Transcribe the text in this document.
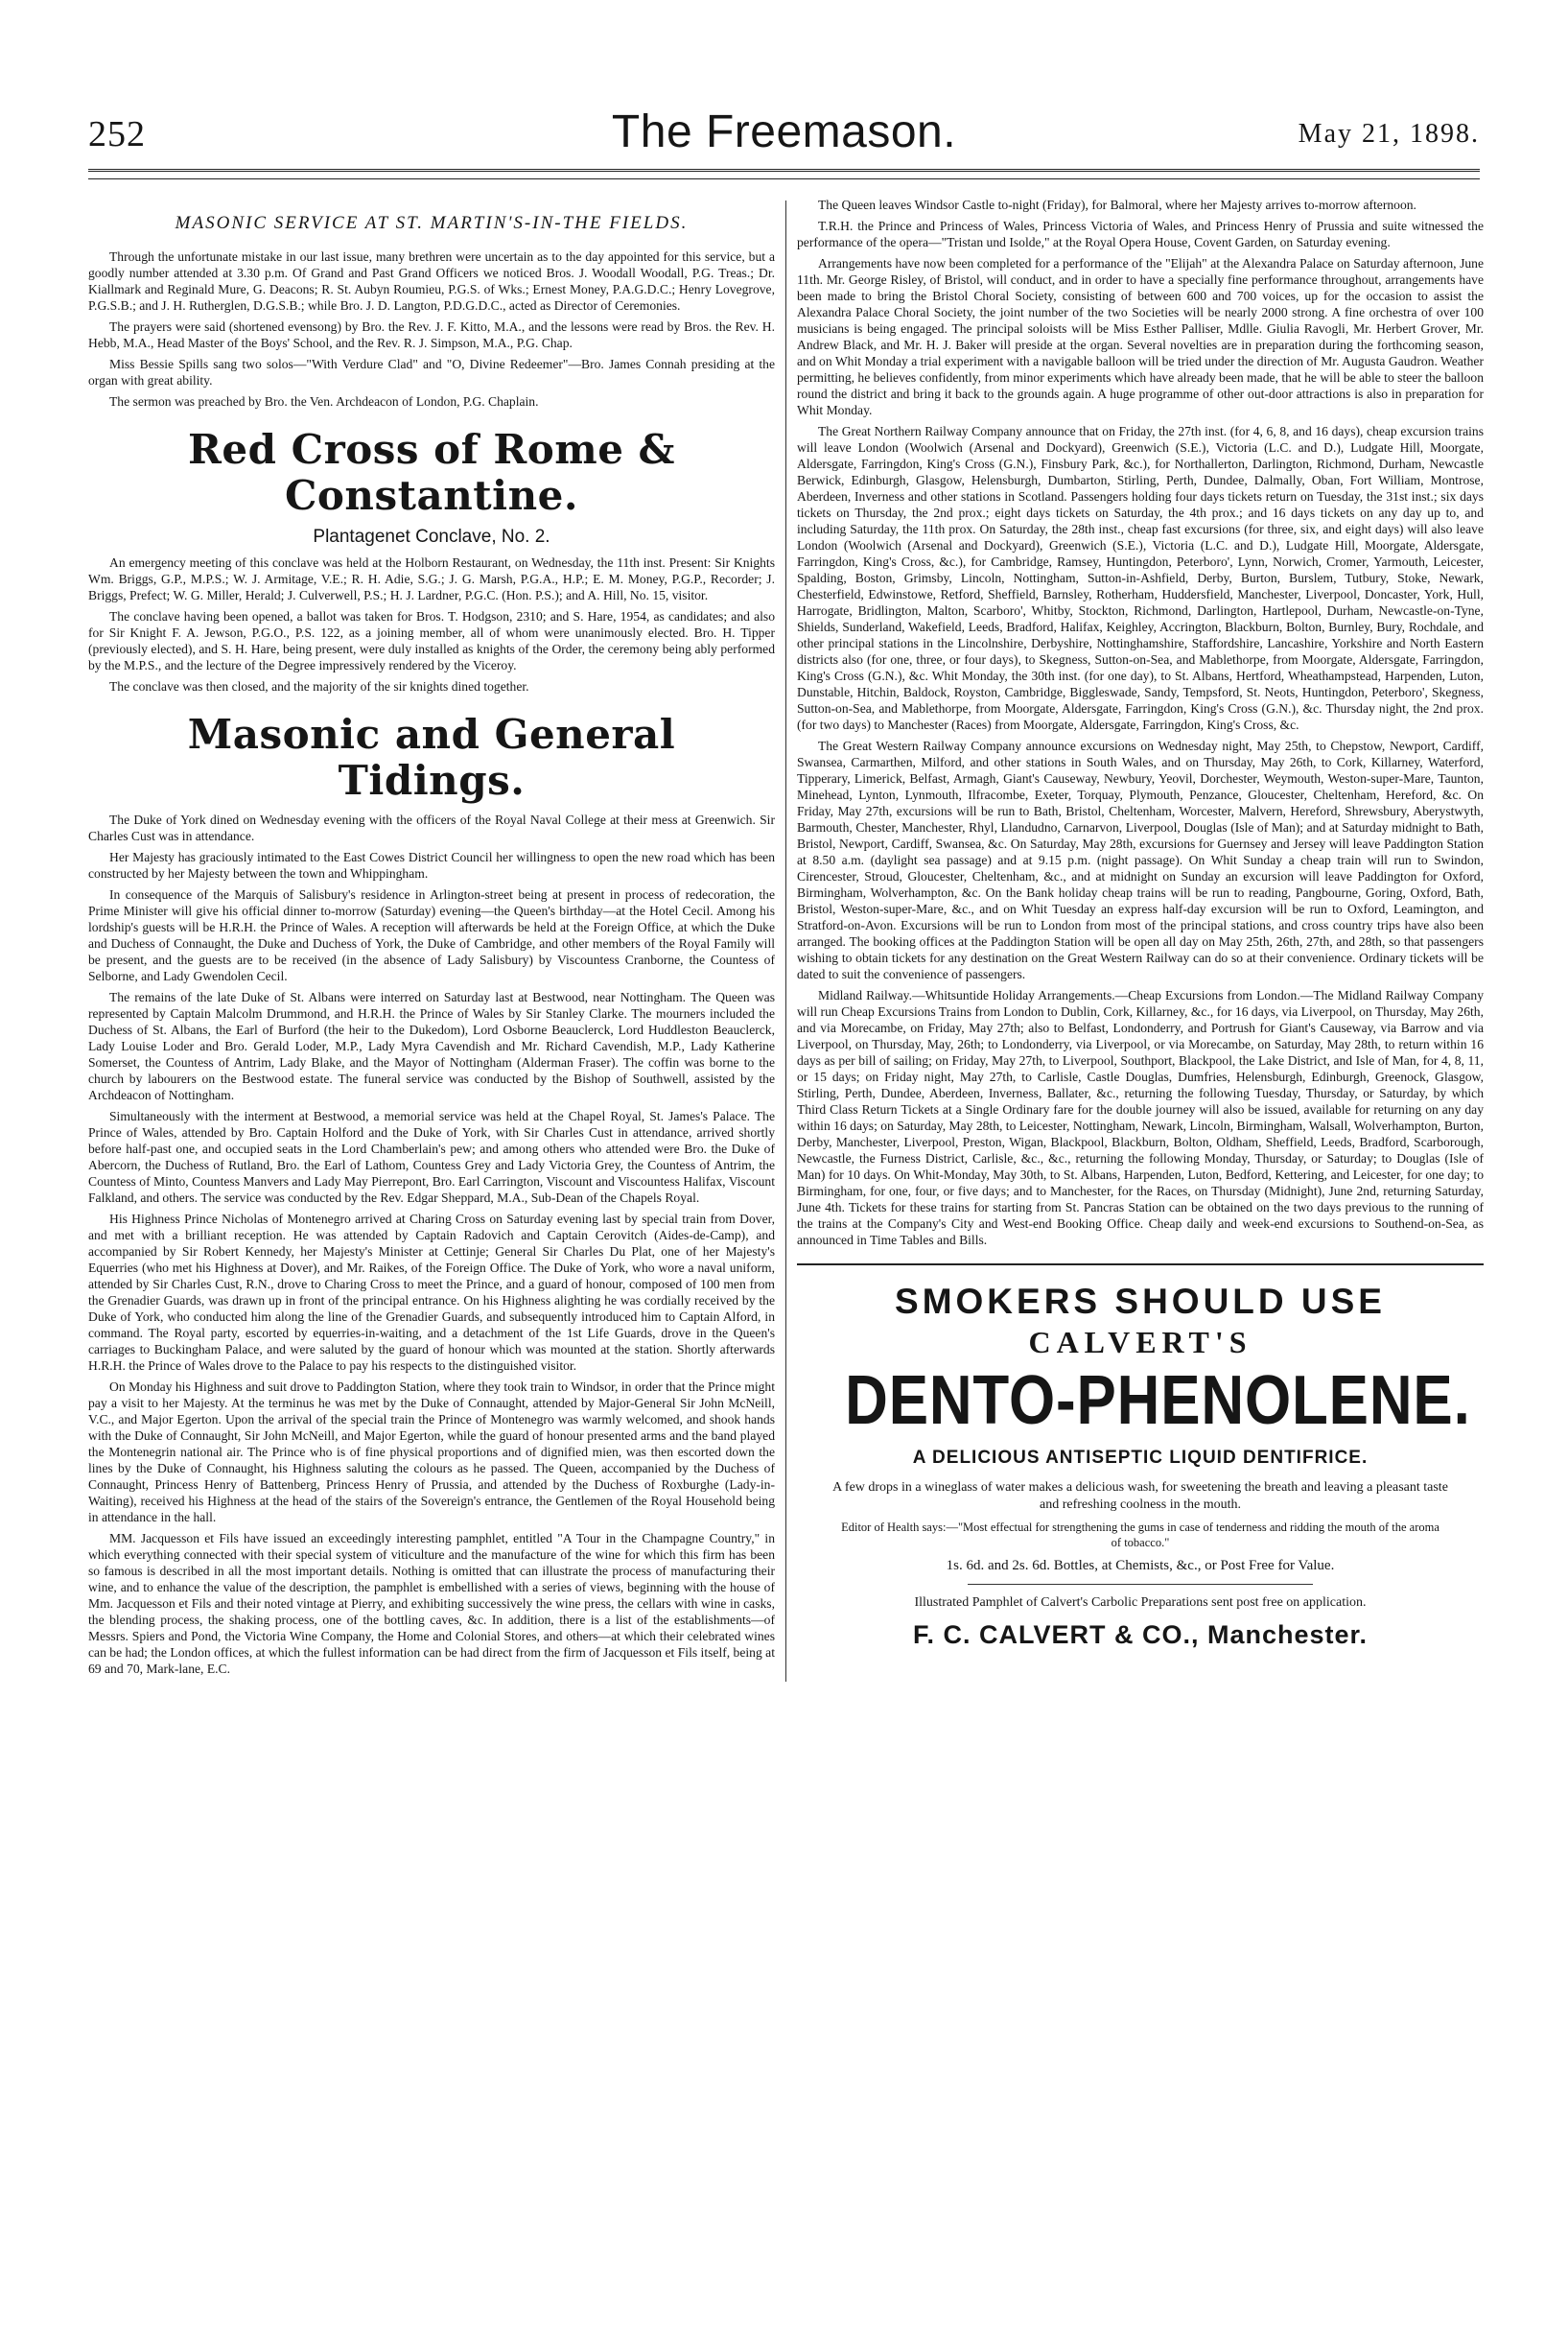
252	The Freemason.	May 21, 1898.
MASONIC SERVICE AT ST. MARTIN'S-IN-THE FIELDS.

Through the unfortunate mistake in our last issue, many brethren were uncertain as to the day appointed for this service, but a goodly number attended at 3.30 p.m. Of Grand and Past Grand Officers we noticed Bros. J. Woodall Woodall, P.G. Treas.; Dr. Kiallmark and Reginald Mure, G. Deacons; R. St. Aubyn Roumieu, P.G.S. of Wks.; Ernest Money, P.A.G.D.C.; Henry Lovegrove, P.G.S.B.; and J. H. Rutherglen, D.G.S.B.; while Bro. J. D. Langton, P.D.G.D.C., acted as Director of Ceremonies.

The prayers were said (shortened evensong) by Bro. the Rev. J. F. Kitto, M.A., and the lessons were read by Bros. the Rev. H. Hebb, M.A., Head Master of the Boys' School, and the Rev. R. J. Simpson, M.A., P.G. Chap.

Miss Bessie Spills sang two solos—"With Verdure Clad" and "O, Divine Redeemer"—Bro. James Connah presiding at the organ with great ability.

The sermon was preached by Bro. the Ven. Archdeacon of London, P.G. Chaplain.

Red Cross of Rome & Constantine.
Plantagenet Conclave, No. 2.

An emergency meeting of this conclave was held at the Holborn Restaurant, on Wednesday, the 11th inst. Present: Sir Knights Wm. Briggs, G.P., M.P.S.; W. J. Armitage, V.E.; R. H. Adie, S.G.; J. G. Marsh, P.G.A., H.P.; E. M. Money, P.G.P., Recorder; J. Briggs, Prefect; W. G. Miller, Herald; J. Culverwell, P.S.; H. J. Lardner, P.G.C. (Hon. P.S.); and A. Hill, No. 15, visitor.

The conclave having been opened, a ballot was taken for Bros. T. Hodgson, 2310; and S. Hare, 1954, as candidates; and also for Sir Knight F. A. Jewson, P.G.O., P.S. 122, as a joining member, all of whom were unanimously elected. Bro. H. Tipper (previously elected), and S. H. Hare, being present, were duly installed as knights of the Order, the ceremony being ably performed by the M.P.S., and the lecture of the Degree impressively rendered by the Viceroy.

The conclave was then closed, and the majority of the sir knights dined together.

Masonic and General Tidings.

The Duke of York dined on Wednesday evening with the officers of the Royal Naval College at their mess at Greenwich. Sir Charles Cust was in attendance.

Her Majesty has graciously intimated to the East Cowes District Council her willingness to open the new road which has been constructed by her Majesty between the town and Whippingham.

In consequence of the Marquis of Salisbury's residence in Arlington-street being at present in process of redecoration, the Prime Minister will give his official dinner to-morrow (Saturday) evening—the Queen's birthday—at the Hotel Cecil. Among his lordship's guests will be H.R.H. the Prince of Wales. A reception will afterwards be held at the Foreign Office, at which the Duke and Duchess of Connaught, the Duke and Duchess of York, the Duke of Cambridge, and other members of the Royal Family will be present, and the guests are to be received (in the absence of Lady Salisbury) by Viscountess Cranborne, the Countess of Selborne, and Lady Gwendolen Cecil.

The remains of the late Duke of St. Albans were interred on Saturday last at Bestwood, near Nottingham. The Queen was represented by Captain Malcolm Drummond, and H.R.H. the Prince of Wales by Sir Stanley Clarke. The mourners included the Duchess of St. Albans, the Earl of Burford (the heir to the Dukedom), Lord Osborne Beauclerck, Lord Huddleston Beauclerck, Lady Louise Loder and Bro. Gerald Loder, M.P., Lady Myra Cavendish and Mr. Richard Cavendish, M.P., Lady Katherine Somerset, the Countess of Antrim, Lady Blake, and the Mayor of Nottingham (Alderman Fraser). The coffin was borne to the church by labourers on the Bestwood estate. The funeral service was conducted by the Bishop of Southwell, assisted by the Archdeacon of Nottingham.

Simultaneously with the interment at Bestwood, a memorial service was held at the Chapel Royal, St. James's Palace. The Prince of Wales, attended by Bro. Captain Holford and the Duke of York, with Sir Charles Cust in attendance, arrived shortly before half-past one, and occupied seats in the Lord Chamberlain's pew; and among others who attended were Bro. the Duke of Abercorn, the Duchess of Rutland, Bro. the Earl of Lathom, Countess Grey and Lady Victoria Grey, the Countess of Antrim, the Countess of Minto, Countess Manvers and Lady May Pierrepont, Bro. Earl Carrington, Viscount and Viscountess Halifax, Viscount Falkland, and others. The service was conducted by the Rev. Edgar Sheppard, M.A., Sub-Dean of the Chapels Royal.

His Highness Prince Nicholas of Montenegro arrived at Charing Cross on Saturday evening last by special train from Dover, and met with a brilliant reception. He was attended by Captain Radovich and Captain Cerovitch (Aides-de-Camp), and accompanied by Sir Robert Kennedy, her Majesty's Minister at Cettinje; General Sir Charles Du Plat, one of her Majesty's Equerries (who met his Highness at Dover), and Mr. Raikes, of the Foreign Office. The Duke of York, who wore a naval uniform, attended by Sir Charles Cust, R.N., drove to Charing Cross to meet the Prince, and a guard of honour, composed of 100 men from the Grenadier Guards, was drawn up in front of the principal entrance. On his Highness alighting he was cordially received by the Duke of York, who conducted him along the line of the Grenadier Guards, and subsequently introduced him to Captain Alford, in command. The Royal party, escorted by equerries-in-waiting, and a detachment of the 1st Life Guards, drove in the Queen's carriages to Buckingham Palace, and were saluted by the guard of honour which was mounted at the station. Shortly afterwards H.R.H. the Prince of Wales drove to the Palace to pay his respects to the distinguished visitor.

On Monday his Highness and suit drove to Paddington Station, where they took train to Windsor, in order that the Prince might pay a visit to her Majesty. At the terminus he was met by the Duke of Connaught, attended by Major-General Sir John McNeill, V.C., and Major Egerton. Upon the arrival of the special train the Prince of Montenegro was warmly welcomed, and shook hands with the Duke of Connaught, Sir John McNeill, and Major Egerton, while the guard of honour presented arms and the band played the Montenegrin national air. The Prince who is of fine physical proportions and of dignified mien, was then escorted down the lines by the Duke of Connaught, his Highness saluting the colours as he passed. The Queen, accompanied by the Duchess of Connaught, Princess Henry of Battenberg, Princess Henry of Prussia, and attended by the Duchess of Roxburghe (Lady-in-Waiting), received his Highness at the head of the stairs of the Sovereign's entrance, the Gentlemen of the Royal Household being in attendance in the hall.

MM. Jacquesson et Fils have issued an exceedingly interesting pamphlet, entitled "A Tour in the Champagne Country," in which everything connected with their special system of viticulture and the manufacture of the wine for which this firm has been so famous is described in all the most important details. Nothing is omitted that can illustrate the process of manufacturing their wine, and to enhance the value of the description, the pamphlet is embellished with a series of views, beginning with the house of Mm. Jacquesson et Fils and their noted vintage at Pierry, and exhibiting successively the wine press, the cellars with wine in casks, the blending process, the shaking process, one of the bottling caves, &c. In addition, there is a list of the establishments—of Messrs. Spiers and Pond, the Victoria Wine Company, the Home and Colonial Stores, and others—at which their celebrated wines can be had; the London offices, at which the fullest information can be had direct from the firm of Jacquesson et Fils itself, being at 69 and 70, Mark-lane, E.C.

The Queen leaves Windsor Castle to-night (Friday), for Balmoral, where her Majesty arrives to-morrow afternoon.

T.R.H. the Prince and Princess of Wales, Princess Victoria of Wales, and Princess Henry of Prussia and suite witnessed the performance of the opera—"Tristan und Isolde," at the Royal Opera House, Covent Garden, on Saturday evening.

Arrangements have now been completed for a performance of the "Elijah" at the Alexandra Palace on Saturday afternoon, June 11th. Mr. George Risley, of Bristol, will conduct, and in order to have a specially fine performance throughout, arrangements have been made to bring the Bristol Choral Society, consisting of between 600 and 700 voices, up for the occasion to assist the Alexandra Palace Choral Society, the joint number of the two Societies will be nearly 2000 strong. A fine orchestra of over 100 musicians is being engaged. The principal soloists will be Miss Esther Palliser, Mdlle. Giulia Ravogli, Mr. Herbert Grover, Mr. Andrew Black, and Mr. H. J. Baker will preside at the organ. Several novelties are in preparation during the forthcoming season, and on Whit Monday a trial experiment with a navigable balloon will be tried under the direction of Mr. Augusta Gaudron. Weather permitting, he believes confidently, from minor experiments which have already been made, that he will be able to steer the balloon round the district and bring it back to the grounds again. A huge programme of other out-door attractions is also in preparation for Whit Monday.

The Great Northern Railway Company announce that on Friday, the 27th inst. (for 4, 6, 8, and 16 days), cheap excursion trains will leave London (Woolwich (Arsenal and Dockyard), Greenwich (S.E.), Victoria (L.C. and D.), Ludgate Hill, Moorgate, Aldersgate, Farringdon, King's Cross (G.N.), Finsbury Park, &c.), for Northallerton, Darlington, Richmond, Durham, Newcastle Berwick, Edinburgh, Glasgow, Helensburgh, Dumbarton, Stirling, Perth, Dundee, Dalmally, Oban, Fort William, Montrose, Aberdeen, Inverness and other stations in Scotland. Passengers holding four days tickets return on Tuesday, the 31st inst.; six days tickets on Thursday, the 2nd prox.; eight days tickets on Saturday, the 4th prox.; and 16 days tickets on any day up to, and including Saturday, the 11th prox. On Saturday, the 28th inst., cheap fast excursions (for three, six, and eight days) will also leave London (Woolwich (Arsenal and Dockyard), Greenwich (S.E.), Victoria (L.C. and D.), Ludgate Hill, Moorgate, Aldersgate, Farringdon, King's Cross, &c.), for Cambridge, Ramsey, Huntingdon, Peterboro', Lynn, Norwich, Cromer, Yarmouth, Leicester, Spalding, Boston, Grimsby, Lincoln, Nottingham, Sutton-in-Ashfield, Derby, Burton, Burslem, Tutbury, Stoke, Newark, Chesterfield, Edwinstowe, Retford, Sheffield, Barnsley, Rotherham, Huddersfield, Manchester, Liverpool, Doncaster, York, Hull, Harrogate, Bridlington, Malton, Scarboro', Whitby, Stockton, Richmond, Darlington, Hartlepool, Durham, Newcastle-on-Tyne, Shields, Sunderland, Wakefield, Leeds, Bradford, Halifax, Keighley, Accrington, Blackburn, Bolton, Burnley, Bury, Rochdale, and other principal stations in the Lincolnshire, Derbyshire, Nottinghamshire, Staffordshire, Lancashire, Yorkshire and North Eastern districts also (for one, three, or four days), to Skegness, Sutton-on-Sea, and Mablethorpe, from Moorgate, Aldersgate, Farringdon, King's Cross (G.N.), &c. Whit Monday, the 30th inst. (for one day), to St. Albans, Hertford, Wheathampstead, Harpenden, Luton, Dunstable, Hitchin, Baldock, Royston, Cambridge, Biggleswade, Sandy, Tempsford, St. Neots, Huntingdon, Peterboro', Skegness, Sutton-on-Sea, and Mablethorpe, from Moorgate, Aldersgate, Farringdon, King's Cross (G.N.), &c. Thursday night, the 2nd prox. (for two days) to Manchester (Races) from Moorgate, Aldersgate, Farringdon, King's Cross, &c.

The Great Western Railway Company announce excursions on Wednesday night, May 25th, to Chepstow, Newport, Cardiff, Swansea, Carmarthen, Milford, and other stations in South Wales, and on Thursday, May 26th, to Cork, Killarney, Waterford, Tipperary, Limerick, Belfast, Armagh, Giant's Causeway, Newbury, Yeovil, Dorchester, Weymouth, Weston-super-Mare, Taunton, Minehead, Lynton, Lynmouth, Ilfracombe, Exeter, Torquay, Plymouth, Penzance, Gloucester, Cheltenham, Hereford, &c. On Friday, May 27th, excursions will be run to Bath, Bristol, Cheltenham, Worcester, Malvern, Hereford, Shrewsbury, Aberystwyth, Barmouth, Chester, Manchester, Rhyl, Llandudno, Carnarvon, Liverpool, Douglas (Isle of Man); and at Saturday midnight to Bath, Bristol, Newport, Cardiff, Swansea, &c. On Saturday, May 28th, excursions for Guernsey and Jersey will leave Paddington Station at 8.50 a.m. (daylight sea passage) and at 9.15 p.m. (night passage). On Whit Sunday a cheap train will run to Swindon, Cirencester, Stroud, Gloucester, Cheltenham, &c., and at midnight on Sunday an excursion will leave Paddington for Oxford, Birmingham, Wolverhampton, &c. On the Bank holiday cheap trains will be run to reading, Pangbourne, Goring, Oxford, Bath, Bristol, Weston-super-Mare, &c., and on Whit Tuesday an express half-day excursion will be run to Oxford, Leamington, and Stratford-on-Avon. Excursions will be run to London from most of the principal stations, and cross country trips have also been arranged. The booking offices at the Paddington Station will be open all day on May 25th, 26th, 27th, and 28th, so that passengers wishing to obtain tickets for any destination on the Great Western Railway can do so at their convenience. Ordinary tickets will be dated to suit the convenience of passengers.

Midland Railway.—Whitsuntide Holiday Arrangements.—Cheap Excursions from London.—The Midland Railway Company will run Cheap Excursions Trains from London to Dublin, Cork, Killarney, &c., for 16 days, via Liverpool, on Thursday, May 26th, and via Morecambe, on Friday, May 27th; also to Belfast, Londonderry, and Portrush for Giant's Causeway, via Barrow and via Liverpool, on Thursday, May, 26th; to Londonderry, via Liverpool, or via Morecambe, on Saturday, May 28th, to return within 16 days as per bill of sailing; on Friday, May 27th, to Liverpool, Southport, Blackpool, the Lake District, and Isle of Man, for 4, 8, 11, or 15 days; on Friday night, May 27th, to Carlisle, Castle Douglas, Dumfries, Helensburgh, Edinburgh, Greenock, Glasgow, Stirling, Perth, Dundee, Aberdeen, Inverness, Ballater, &c., returning the following Tuesday, Thursday, or Saturday, by which Third Class Return Tickets at a Single Ordinary fare for the double journey will also be issued, available for returning on any day within 16 days; on Saturday, May 28th, to Leicester, Nottingham, Newark, Lincoln, Birmingham, Walsall, Wolverhampton, Burton, Derby, Manchester, Liverpool, Preston, Wigan, Blackpool, Blackburn, Bolton, Oldham, Sheffield, Leeds, Bradford, Scarborough, Newcastle, the Furness District, Carlisle, &c., &c., returning the following Monday, Thursday, or Saturday; to Douglas (Isle of Man) for 10 days. On Whit-Monday, May 30th, to St. Albans, Harpenden, Luton, Bedford, Kettering, and Leicester, for one day; to Birmingham, for one, four, or five days; and to Manchester, for the Races, on Thursday (Midnight), June 2nd, returning Saturday, June 4th. Tickets for these trains for starting from St. Pancras Station can be obtained on the two days previous to the running of the trains at the Company's City and West-end Booking Office. Cheap daily and week-end excursions to Southend-on-Sea, as announced in Time Tables and Bills.

SMOKERS SHOULD USE
CALVERT'S
DENTO-PHENOLENE.
A DELICIOUS ANTISEPTIC LIQUID DENTIFRICE.
A few drops in a wineglass of water makes a delicious wash, for sweetening the breath and leaving a pleasant taste and refreshing coolness in the mouth.
Editor of Health says:—"Most effectual for strengthening the gums in case of tenderness and ridding the mouth of the aroma of tobacco."
1s. 6d. and 2s. 6d. Bottles, at Chemists, &c., or Post Free for Value.
Illustrated Pamphlet of Calvert's Carbolic Preparations sent post free on application.
F. C. CALVERT & CO., Manchester.
